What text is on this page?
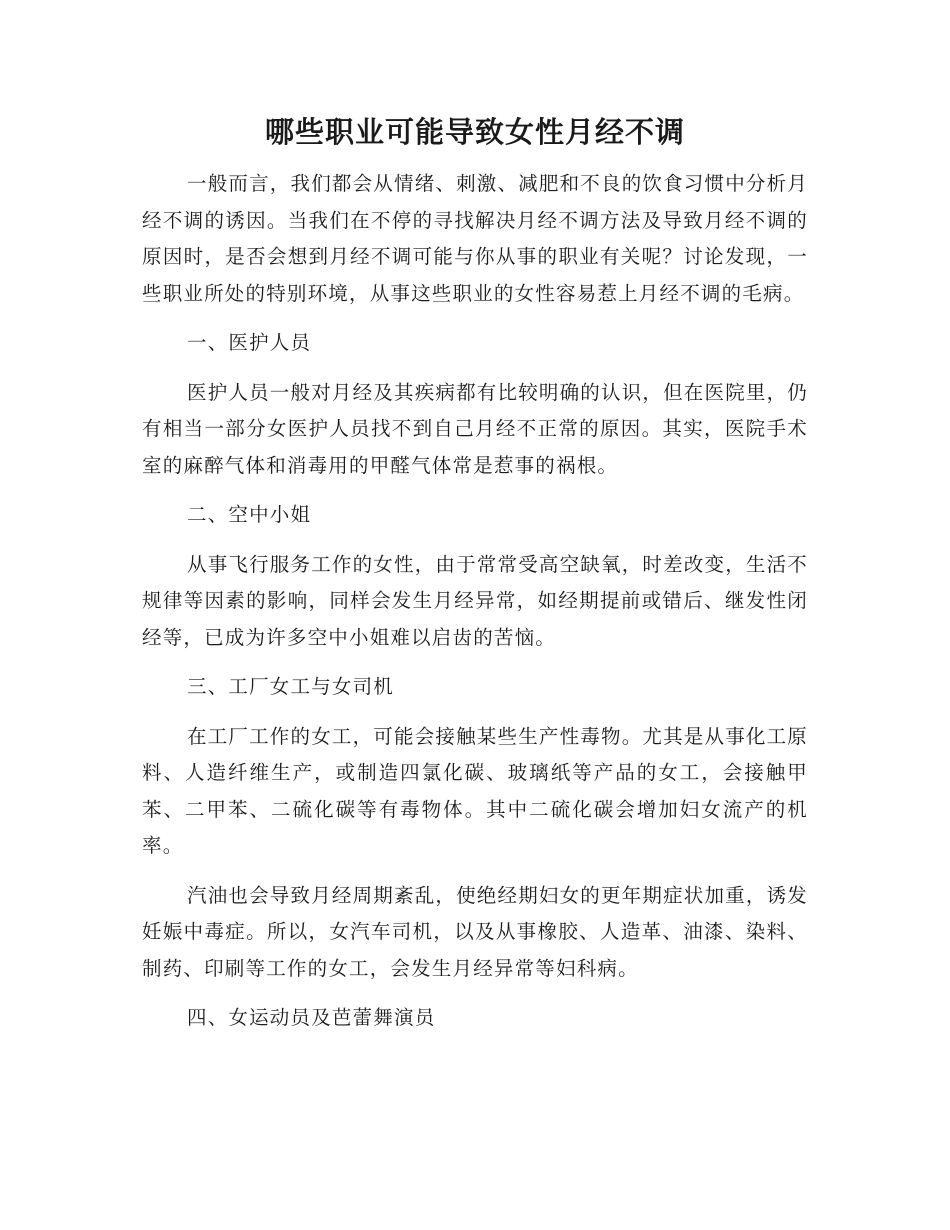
哪些职业可能导致女性月经不调

一般而言，我们都会从情绪、刺激、减肥和不良的饮食习惯中分析月经不调的诱因。当我们在不停的寻找解决月经不调方法及导致月经不调的原因时，是否会想到月经不调可能与你从事的职业有关呢？讨论发现，一些职业所处的特别环境，从事这些职业的女性容易惹上月经不调的毛病。

一、医护人员

医护人员一般对月经及其疾病都有比较明确的认识，但在医院里，仍有相当一部分女医护人员找不到自己月经不正常的原因。其实，医院手术室的麻醉气体和消毒用的甲醛气体常是惹事的祸根。

二、空中小姐

从事飞行服务工作的女性，由于常常受高空缺氧，时差改变，生活不规律等因素的影响，同样会发生月经异常，如经期提前或错后、继发性闭经等，已成为许多空中小姐难以启齿的苦恼。

三、工厂女工与女司机

在工厂工作的女工，可能会接触某些生产性毒物。尤其是从事化工原料、人造纤维生产，或制造四氯化碳、玻璃纸等产品的女工，会接触甲苯、二甲苯、二硫化碳等有毒物体。其中二硫化碳会增加妇女流产的机率。

汽油也会导致月经周期紊乱，使绝经期妇女的更年期症状加重，诱发妊娠中毒症。所以，女汽车司机，以及从事橡胶、人造革、油漆、染料、制药、印刷等工作的女工，会发生月经异常等妇科病。

四、女运动员及芭蕾舞演员
